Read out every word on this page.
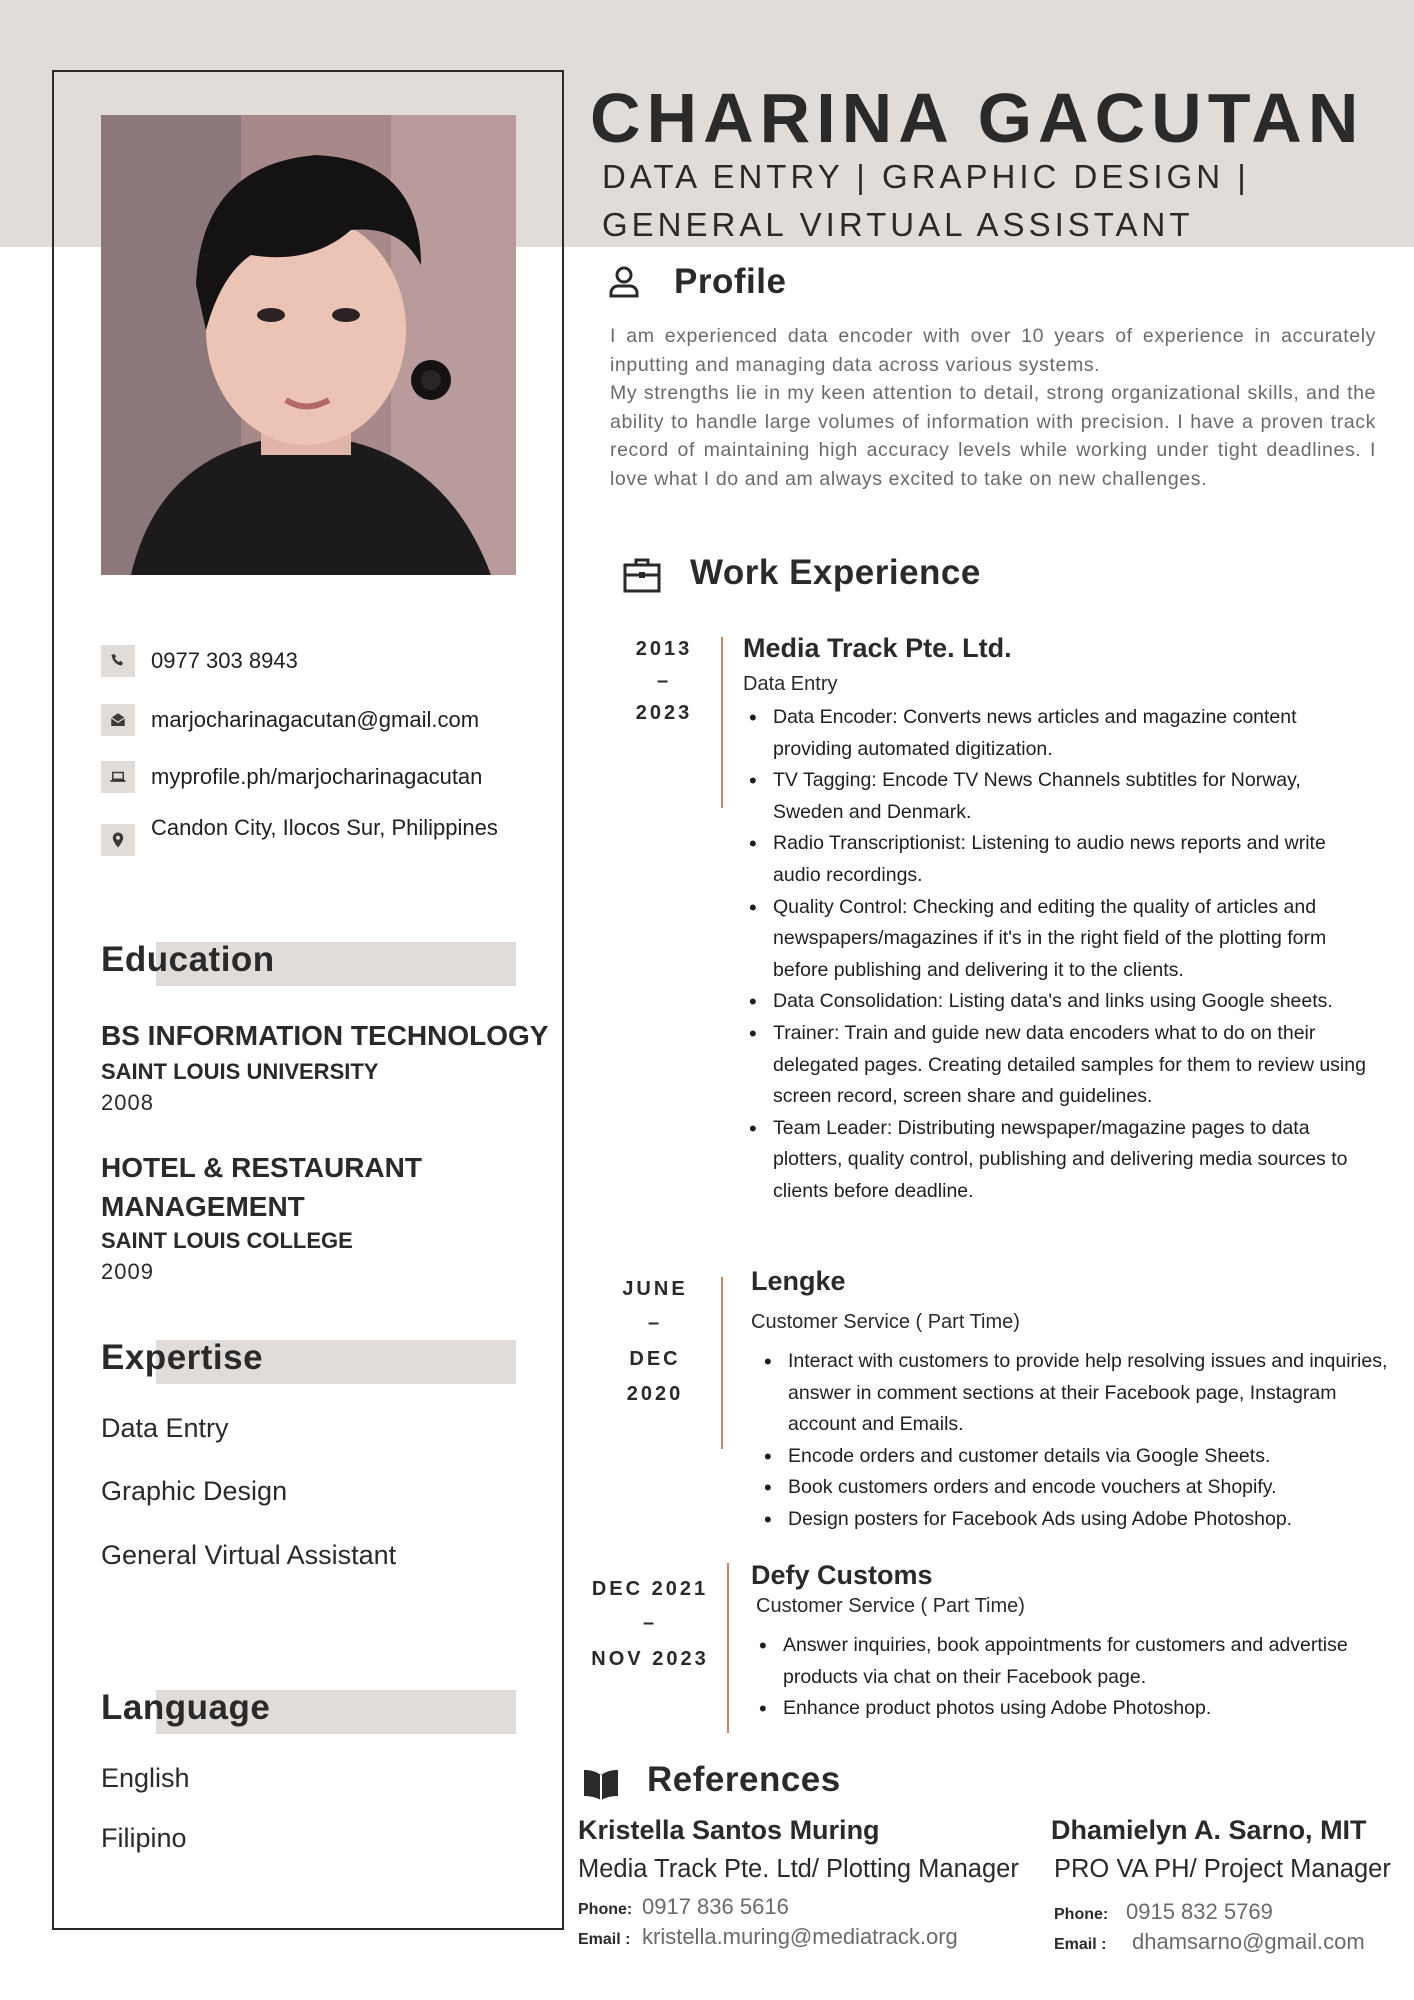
0977 303 8943
marjocharinagacutan@gmail.com
myprofile.ph/marjocharinagacutan
Candon City, Ilocos Sur, Philippines
Education
BS INFORMATION TECHNOLOGY
SAINT LOUIS UNIVERSITY
2008
HOTEL & RESTAURANT
MANAGEMENT
SAINT LOUIS COLLEGE
2009
Expertise
Data Entry
Graphic Design
General Virtual Assistant
Language
English
Filipino
CHARINA GACUTAN
DATA ENTRY | GRAPHIC DESIGN |
GENERAL VIRTUAL ASSISTANT
Profile

I am experienced data encoder with over 10 years of experience in accurately inputting and managing data across various systems.

My strengths lie in my keen attention to detail, strong organizational skills, and the ability to handle large volumes of information with precision. I have a proven track record of maintaining high accuracy levels while working under tight deadlines. I love what I do and am always excited to take on new challenges.

Work Experience
2013
–
2023
Media Track Pte. Ltd.
Data Entry
• Data Encoder: Converts news articles and magazine content providing automated digitization.
• TV Tagging: Encode TV News Channels subtitles for Norway, Sweden and Denmark.
• Radio Transcriptionist: Listening to audio news reports and write audio recordings.
• Quality Control: Checking and editing the quality of articles and newspapers/magazines if it's in the right field of the plotting form before publishing and delivering it to the clients.
• Data Consolidation: Listing data's and links using Google sheets.
• Trainer: Train and guide new data encoders what to do on their delegated pages. Creating detailed samples for them to review using screen record, screen share and guidelines.
• Team Leader: Distributing newspaper/magazine pages to data plotters, quality control, publishing and delivering media sources to clients before deadline.
JUNE
–
DEC
2020
Lengke
Customer Service ( Part Time)
• Interact with customers to provide help resolving issues and inquiries, answer in comment sections at their Facebook page, Instagram account and Emails.
• Encode orders and customer details via Google Sheets.
• Book customers orders and encode vouchers at Shopify.
• Design posters for Facebook Ads using Adobe Photoshop.
DEC 2021
–
NOV 2023
Defy Customs
Customer Service ( Part Time)
• Answer inquiries, book appointments for customers and advertise products via chat on their Facebook page.
• Enhance product photos using Adobe Photoshop.
References
Kristella Santos Muring
Media Track Pte. Ltd/ Plotting Manager
Phone: 0917 836 5616
Email : kristella.muring@mediatrack.org
Dhamielyn A. Sarno, MIT
PRO VA PH/ Project Manager
Phone: 0915 832 5769
Email :	dhamsarno@gmail.com
